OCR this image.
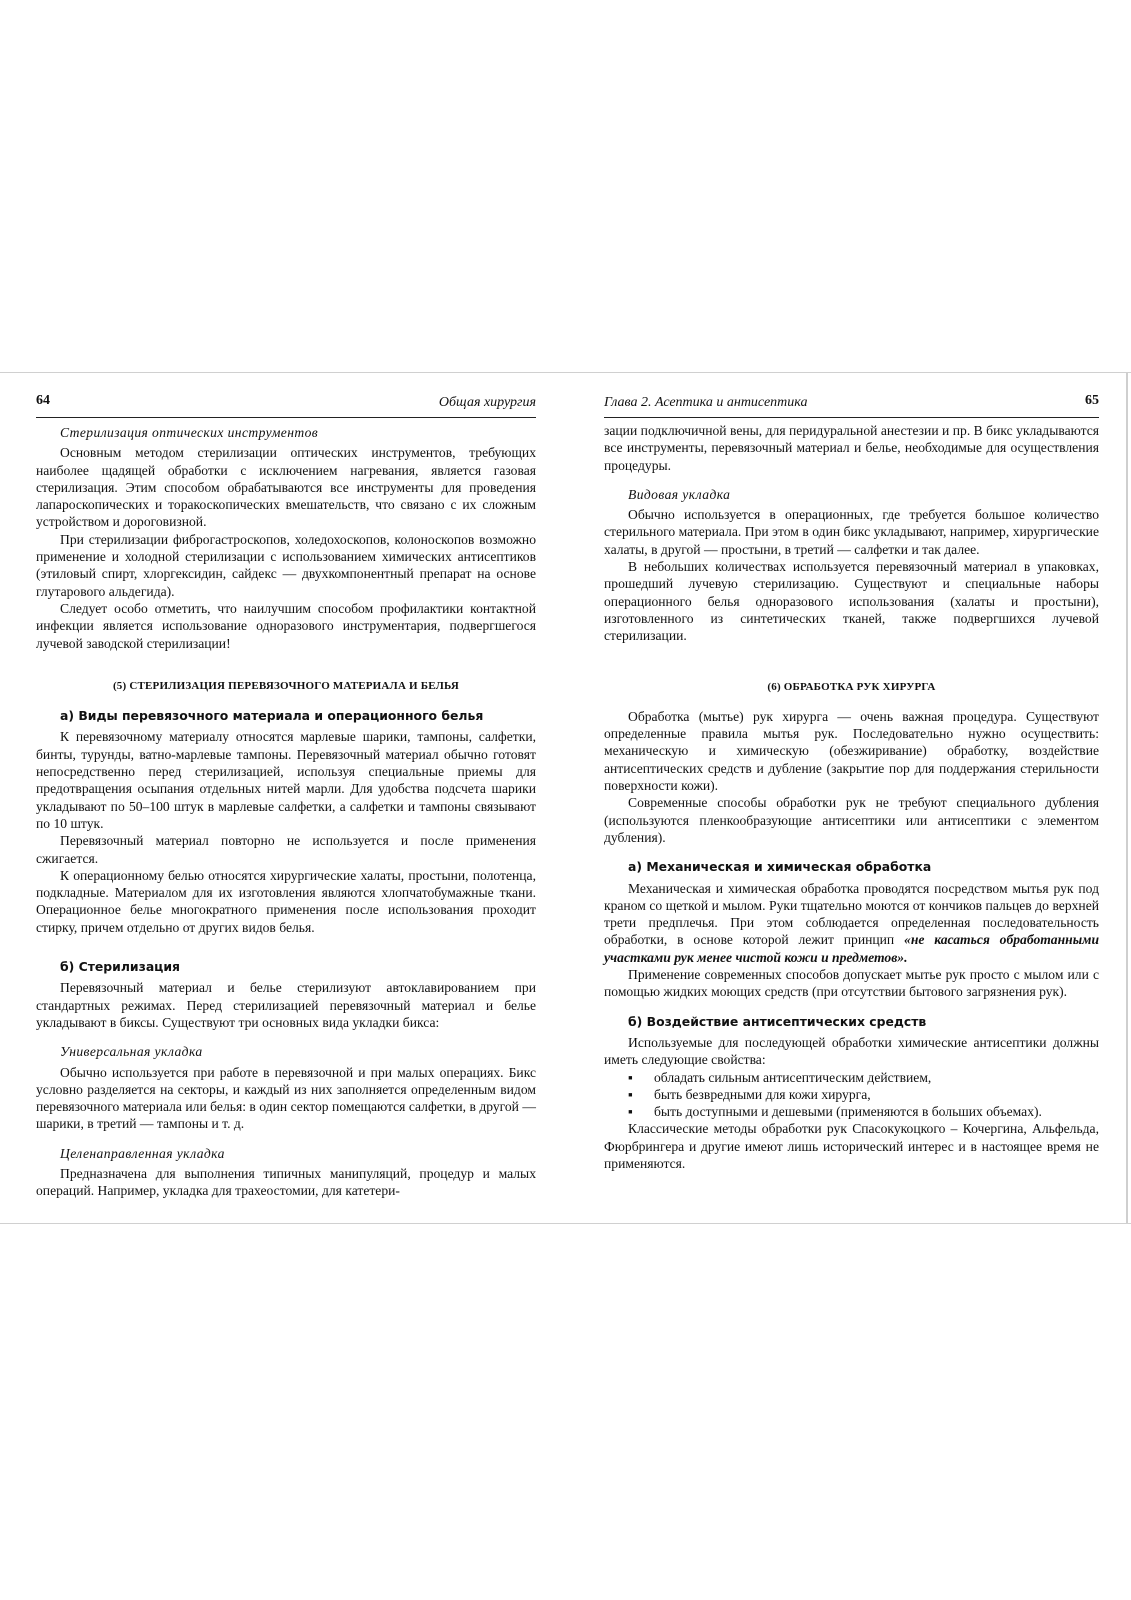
64	Общая хирургия
Стерилизация оптических инструментов

Основным методом стерилизации оптических инструментов, требующих наиболее щадящей обработки с исключением нагревания, является газовая стерилизация. Этим способом обрабатываются все инструменты для проведения лапароскопических и торакоскопических вмешательств, что связано с их сложным устройством и дороговизной.

При стерилизации фиброгастроскопов, холедохоскопов, колоноскопов возможно применение и холодной стерилизации с использованием химических антисептиков (этиловый спирт, хлоргексидин, сайдекс — двухкомпонентный препарат на основе глутарового альдегида).

Следует особо отметить, что наилучшим способом профилактики контактной инфекции является использование одноразового инструментария, подвергшегося лучевой заводской стерилизации!

(5) СТЕРИЛИЗАЦИЯ ПЕРЕВЯЗОЧНОГО МАТЕРИАЛА И БЕЛЬЯ
а) Виды перевязочного материала и операционного белья

К перевязочному материалу относятся марлевые шарики, тампоны, салфетки, бинты, турунды, ватно-марлевые тампоны. Перевязочный материал обычно готовят непосредственно перед стерилизацией, используя специальные приемы для предотвращения осыпания отдельных нитей марли. Для удобства подсчета шарики укладывают по 50–100 штук в марлевые салфетки, а салфетки и тампоны связывают по 10 штук.

Перевязочный материал повторно не используется и после применения сжигается.

К операционному белью относятся хирургические халаты, простыни, полотенца, подкладные. Материалом для их изготовления являются хлопчатобумажные ткани. Операционное белье многократного применения после использования проходит стирку, причем отдельно от других видов белья.

б) Стерилизация

Перевязочный материал и белье стерилизуют автоклавированием при стандартных режимах. Перед стерилизацией перевязочный материал и белье укладывают в биксы. Существуют три основных вида укладки бикса:

Универсальная укладка

Обычно используется при работе в перевязочной и при малых операциях. Бикс условно разделяется на секторы, и каждый из них заполняется определенным видом перевязочного материала или белья: в один сектор помещаются салфетки, в другой — шарики, в третий — тампоны и т. д.

Целенаправленная укладка

Предназначена для выполнения типичных манипуляций, процедур и малых операций. Например, укладка для трахеостомии, для катетери-

Глава 2. Асептика и антисептика	65

зации подключичной вены, для перидуральной анестезии и пр. В бикс укладываются все инструменты, перевязочный материал и белье, необходимые для осуществления процедуры.

Видовая укладка

Обычно используется в операционных, где требуется большое количество стерильного материала. При этом в один бикс укладывают, например, хирургические халаты, в другой — простыни, в третий — салфетки и так далее.

В небольших количествах используется перевязочный материал в упаковках, прошедший лучевую стерилизацию. Существуют и специальные наборы операционного белья одноразового использования (халаты и простыни), изготовленного из синтетических тканей, также подвергшихся лучевой стерилизации.

(6) ОБРАБОТКА РУК ХИРУРГА

Обработка (мытье) рук хирурга — очень важная процедура. Существуют определенные правила мытья рук. Последовательно нужно осуществить: механическую и химическую (обезжиривание) обработку, воздействие антисептических средств и дубление (закрытие пор для поддержания стерильности поверхности кожи).

Современные способы обработки рук не требуют специального дубления (используются пленкообразующие антисептики или антисептики с элементом дубления).

а) Механическая и химическая обработка

Механическая и химическая обработка проводятся посредством мытья рук под краном со щеткой и мылом. Руки тщательно моются от кончиков пальцев до верхней трети предплечья. При этом соблюдается определенная последовательность обработки, в основе которой лежит принцип «не касаться обработанными участками рук менее чистой кожи и предметов».

Применение современных способов допускает мытье рук просто с мылом или с помощью жидких моющих средств (при отсутствии бытового загрязнения рук).

б) Воздействие антисептических средств

Используемые для последующей обработки химические антисептики должны иметь следующие свойства:

▪ обладать сильным антисептическим действием,
▪ быть безвредными для кожи хирурга,
▪ быть доступными и дешевыми (применяются в больших объемах).

Классические методы обработки рук Спасокукоцкого – Кочергина, Альфельда, Фюрбрингера и другие имеют лишь исторический интерес и в настоящее время не применяются.
